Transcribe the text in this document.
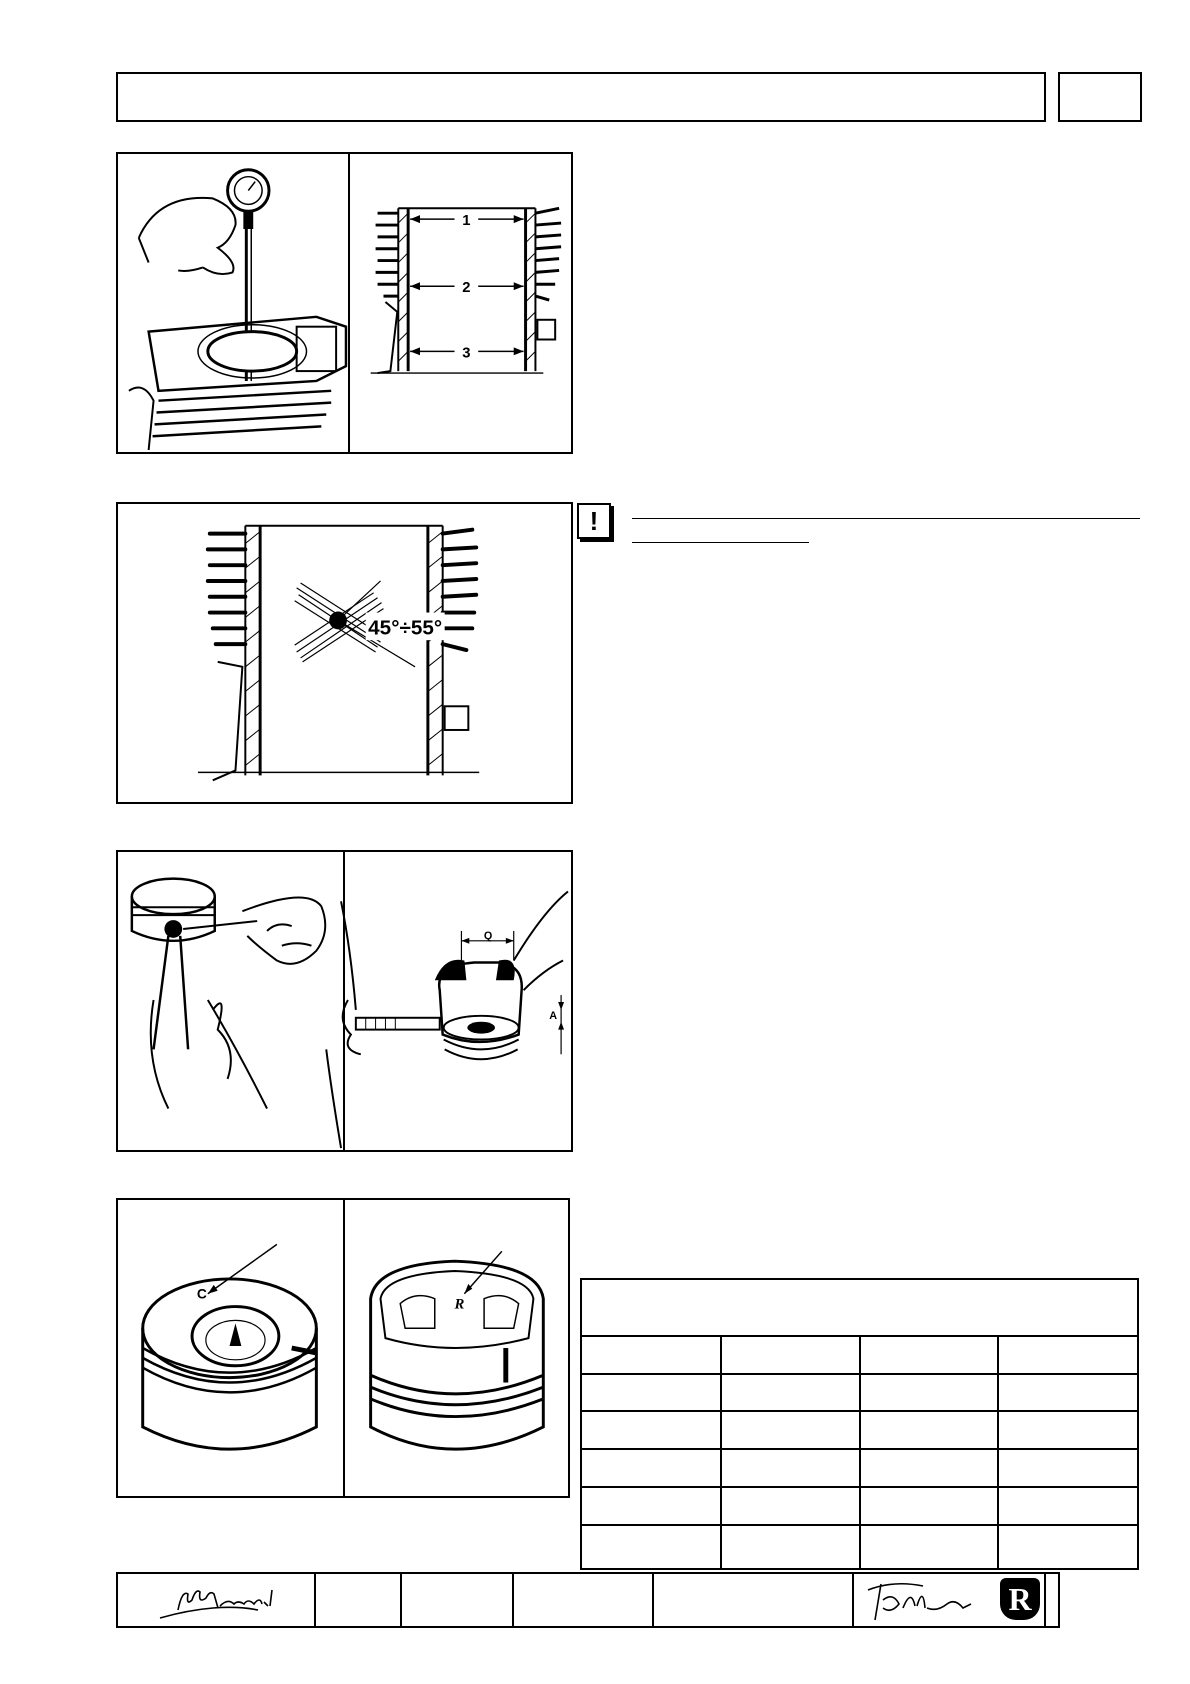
1
2
3
!
45°÷55°
Q
A
C
R
R
